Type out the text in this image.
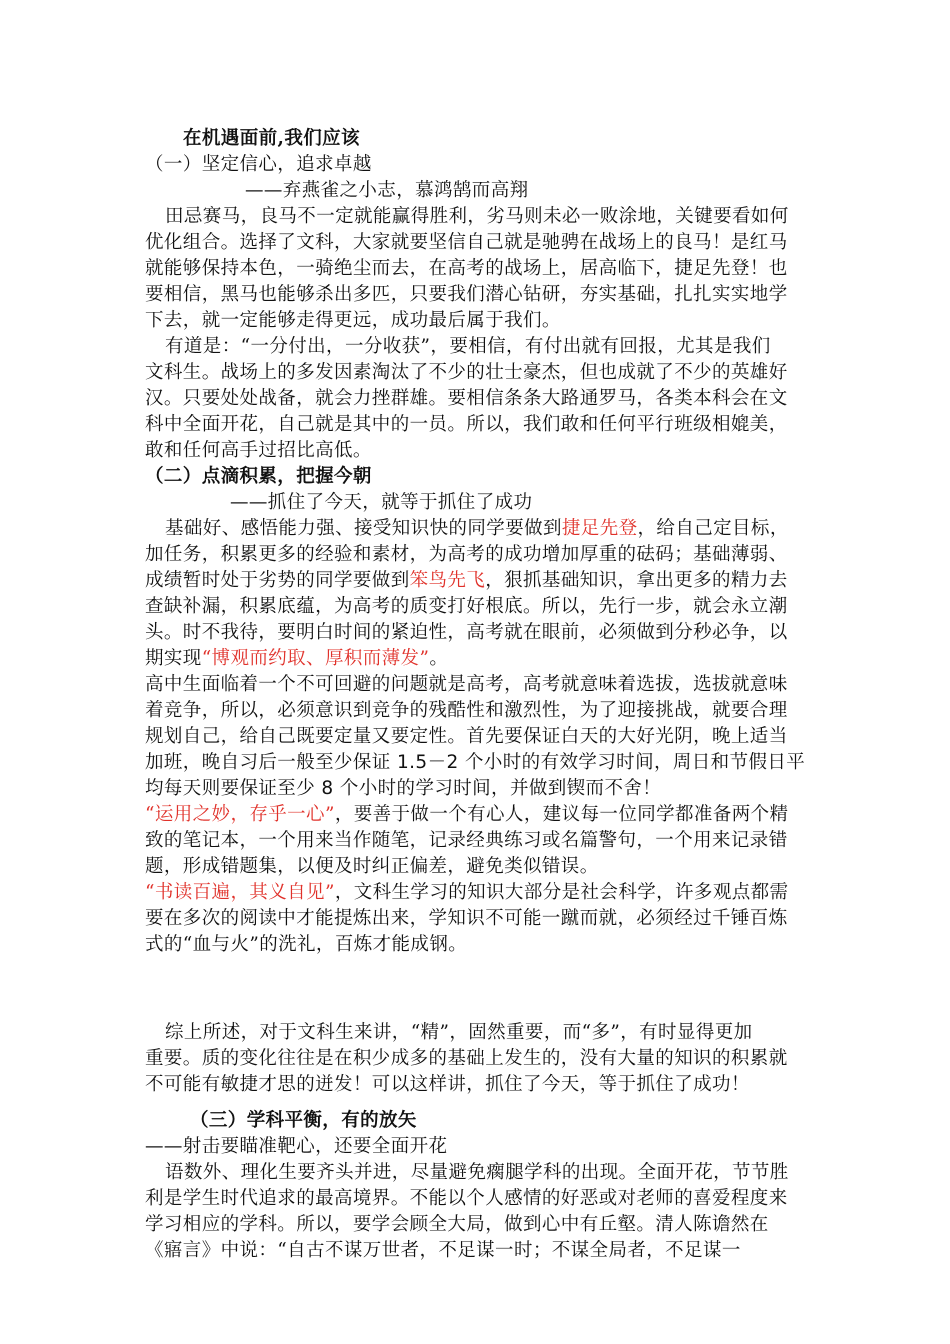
在机遇面前,我们应该
（一）坚定信心，追求卓越
——弃燕雀之小志，慕鸿鹄而高翔
田忌赛马，良马不一定就能赢得胜利，劣马则未必一败涂地，关键要看如何
优化组合。选择了文科，大家就要坚信自己就是驰骋在战场上的良马！是红马
就能够保持本色，一骑绝尘而去，在高考的战场上，居高临下，捷足先登！也
要相信，黑马也能够杀出多匹，只要我们潜心钻研，夯实基础，扎扎实实地学
下去，就一定能够走得更远，成功最后属于我们。
有道是：“一分付出，一分收获”，要相信，有付出就有回报，尤其是我们
文科生。战场上的多发因素淘汰了不少的壮士豪杰，但也成就了不少的英雄好
汉。只要处处战备，就会力挫群雄。要相信条条大路通罗马，各类本科会在文
科中全面开花，自己就是其中的一员。所以，我们敢和任何平行班级相媲美，
敢和任何高手过招比高低。
（二）点滴积累，把握今朝
——抓住了今天，就等于抓住了成功
基础好、感悟能力强、接受知识快的同学要做到捷足先登，给自己定目标，
加任务，积累更多的经验和素材，为高考的成功增加厚重的砝码；基础薄弱、
成绩暂时处于劣势的同学要做到笨鸟先飞，狠抓基础知识，拿出更多的精力去
查缺补漏，积累底蕴，为高考的质变打好根底。所以，先行一步，就会永立潮
头。时不我待，要明白时间的紧迫性，高考就在眼前，必须做到分秒必争，以
期实现“博观而约取、厚积而薄发”。
高中生面临着一个不可回避的问题就是高考，高考就意味着选拔，选拔就意味
着竞争，所以，必须意识到竞争的残酷性和激烈性，为了迎接挑战，就要合理
规划自己，给自己既要定量又要定性。首先要保证白天的大好光阴，晚上适当
加班，晚自习后一般至少保证 1.5－2 个小时的有效学习时间，周日和节假日平
均每天则要保证至少 8 个小时的学习时间，并做到锲而不舍！
“运用之妙，存乎一心”，要善于做一个有心人，建议每一位同学都准备两个精
致的笔记本，一个用来当作随笔，记录经典练习或名篇警句，一个用来记录错
题，形成错题集，以便及时纠正偏差，避免类似错误。
“书读百遍，其义自见”，文科生学习的知识大部分是社会科学，许多观点都需
要在多次的阅读中才能提炼出来，学知识不可能一蹴而就，必须经过千锤百炼
式的“血与火”的洗礼，百炼才能成钢。
综上所述，对于文科生来讲，“精”，固然重要，而“多”，有时显得更加
重要。质的变化往往是在积少成多的基础上发生的，没有大量的知识的积累就
不可能有敏捷才思的迸发！可以这样讲，抓住了今天，等于抓住了成功！
（三）学科平衡，有的放矢
——射击要瞄准靶心，还要全面开花
语数外、理化生要齐头并进，尽量避免瘸腿学科的出现。全面开花，节节胜
利是学生时代追求的最高境界。不能以个人感情的好恶或对老师的喜爱程度来
学习相应的学科。所以，要学会顾全大局，做到心中有丘壑。清人陈谵然在
《寤言》中说：“自古不谋万世者，不足谋一时；不谋全局者，不足谋一
